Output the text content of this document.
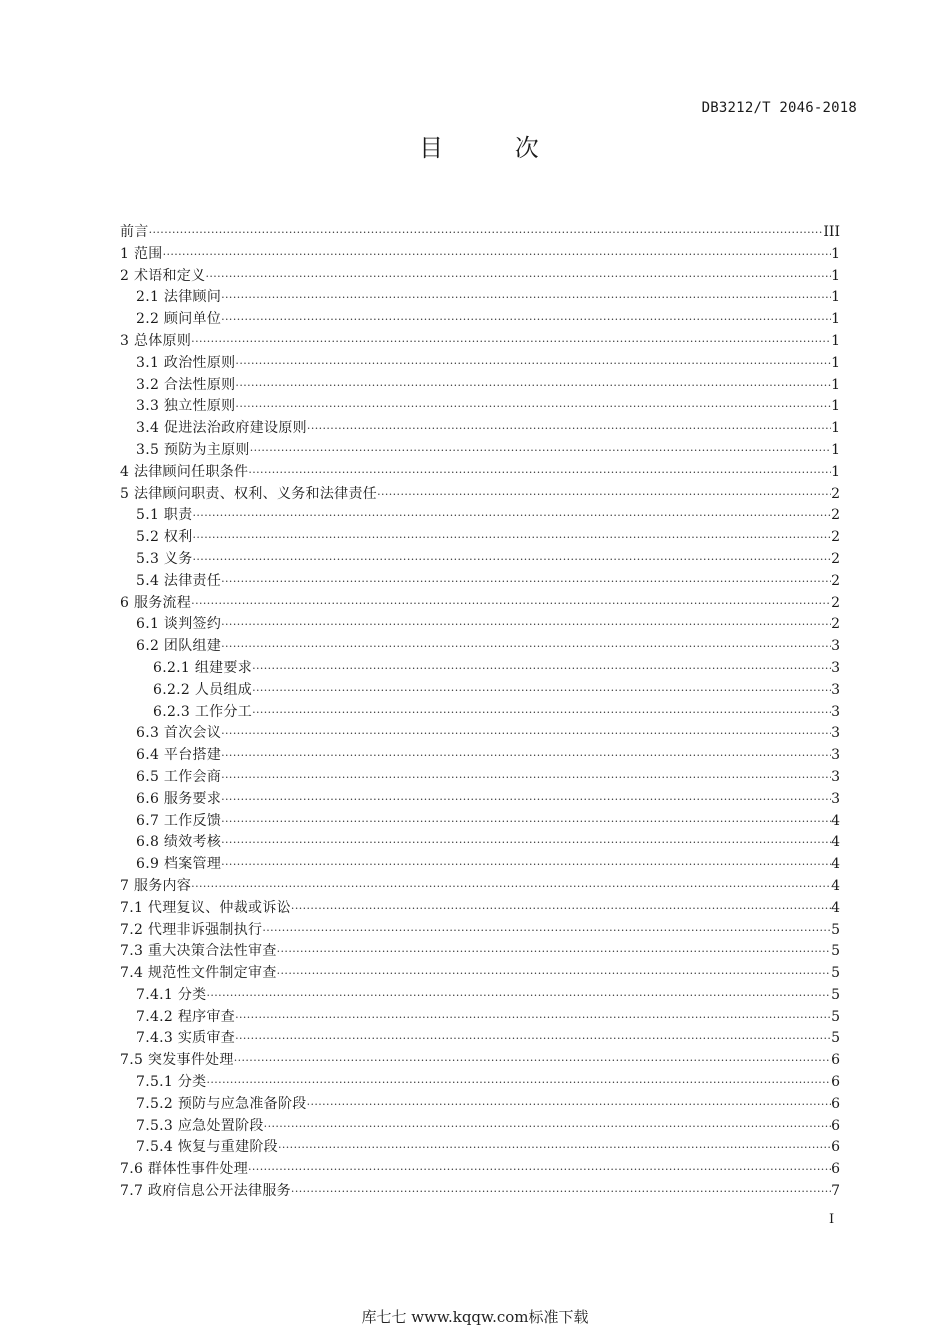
DB3212/T 2046-2018
目 次
前言 ·····	III
1 范围 ·····	1
2 术语和定义 ·····	1
2.1 法律顾问 ·····	1
2.2 顾问单位 ·····	1
3 总体原则 ·····	1
3.1 政治性原则 ·····	1
3.2 合法性原则 ·····	1
3.3 独立性原则 ·····	1
3.4 促进法治政府建设原则 ·····	1
3.5 预防为主原则 ·····	1
4 法律顾问任职条件 ·····	1
5 法律顾问职责、权利、义务和法律责任 ·····	2
5.1 职责 ·····	2
5.2 权利 ·····	2
5.3 义务 ·····	2
5.4 法律责任 ·····	2
6 服务流程 ·····	2
6.1 谈判签约 ·····	2
6.2 团队组建 ·····	3
6.2.1 组建要求 ·····	3
6.2.2 人员组成 ·····	3
6.2.3 工作分工 ·····	3
6.3 首次会议 ·····	3
6.4 平台搭建 ·····	3
6.5 工作会商 ·····	3
6.6 服务要求 ·····	3
6.7 工作反馈 ·····	4
6.8 绩效考核 ·····	4
6.9 档案管理 ·····	4
7 服务内容 ·····	4
7.1 代理复议、仲裁或诉讼 ·····	4
7.2 代理非诉强制执行 ·····	5
7.3 重大决策合法性审查 ·····	5
7.4 规范性文件制定审查 ·····	5
7.4.1 分类 ·····	5
7.4.2 程序审查 ·····	5
7.4.3 实质审查 ·····	5
7.5 突发事件处理 ·····	6
7.5.1 分类 ·····	6
7.5.2 预防与应急准备阶段 ·····	6
7.5.3 应急处置阶段 ·····	6
7.5.4 恢复与重建阶段 ·····	6
7.6 群体性事件处理 ·····	6
7.7 政府信息公开法律服务 ·····	7
I
库七七 www.kqqw.com标准下载
